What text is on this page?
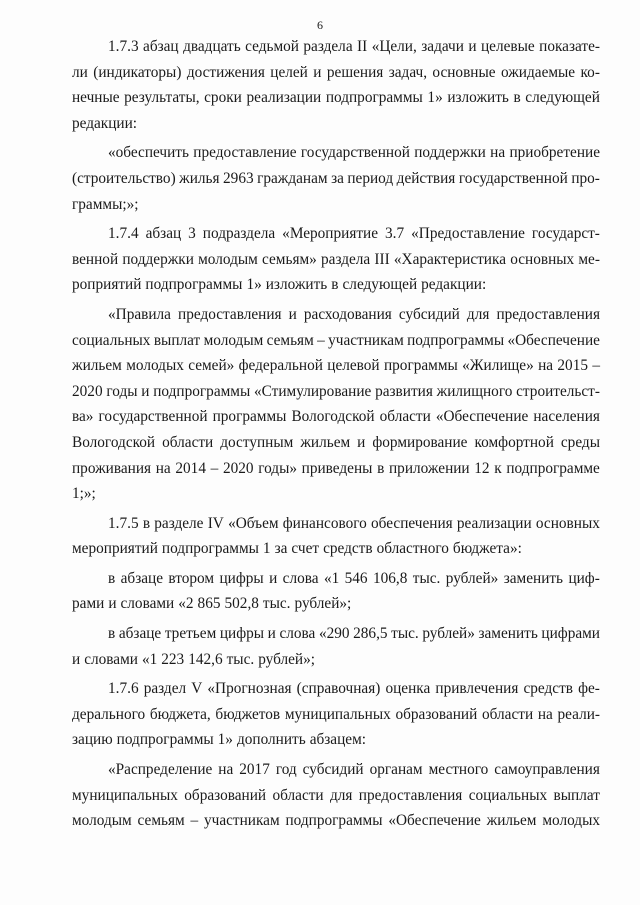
6
1.7.3 абзац двадцать седьмой раздела II «Цели, задачи и целевые показате-
ли (индикаторы) достижения целей и решения задач, основные ожидаемые ко-
нечные результаты, сроки реализации подпрограммы 1» изложить в следующей
редакции:
«обеспечить предоставление государственной поддержки на приобретение
(строительство) жилья 2963 гражданам за период действия государственной про-
граммы;»;
1.7.4 абзац 3 подраздела «Мероприятие 3.7 «Предоставление государст-
венной поддержки молодым семьям» раздела III «Характеристика основных ме-
роприятий подпрограммы 1» изложить в следующей редакции:
«Правила предоставления и расходования субсидий для предоставления
социальных выплат молодым семьям – участникам подпрограммы «Обеспечение
жильем молодых семей» федеральной целевой программы «Жилище» на 2015 –
2020 годы и подпрограммы «Стимулирование развития жилищного строительст-
ва» государственной программы Вологодской области «Обеспечение населения
Вологодской области доступным жильем и формирование комфортной среды
проживания на 2014 – 2020 годы» приведены в приложении 12 к подпрограмме
1;»;
1.7.5 в разделе IV «Объем финансового обеспечения реализации основных
мероприятий подпрограммы 1 за счет средств областного бюджета»:
в абзаце втором цифры и слова «1 546 106,8 тыс. рублей» заменить циф-
рами и словами «2 865 502,8 тыс. рублей»;
в абзаце третьем цифры и слова «290 286,5 тыс. рублей» заменить цифрами
и словами «1 223 142,6 тыс. рублей»;
1.7.6 раздел V «Прогнозная (справочная) оценка привлечения средств фе-
дерального бюджета, бюджетов муниципальных образований области на реали-
зацию подпрограммы 1» дополнить абзацем:
«Распределение на 2017 год субсидий органам местного самоуправления
муниципальных образований области для предоставления социальных выплат
молодым семьям – участникам подпрограммы «Обеспечение жильем молодых
